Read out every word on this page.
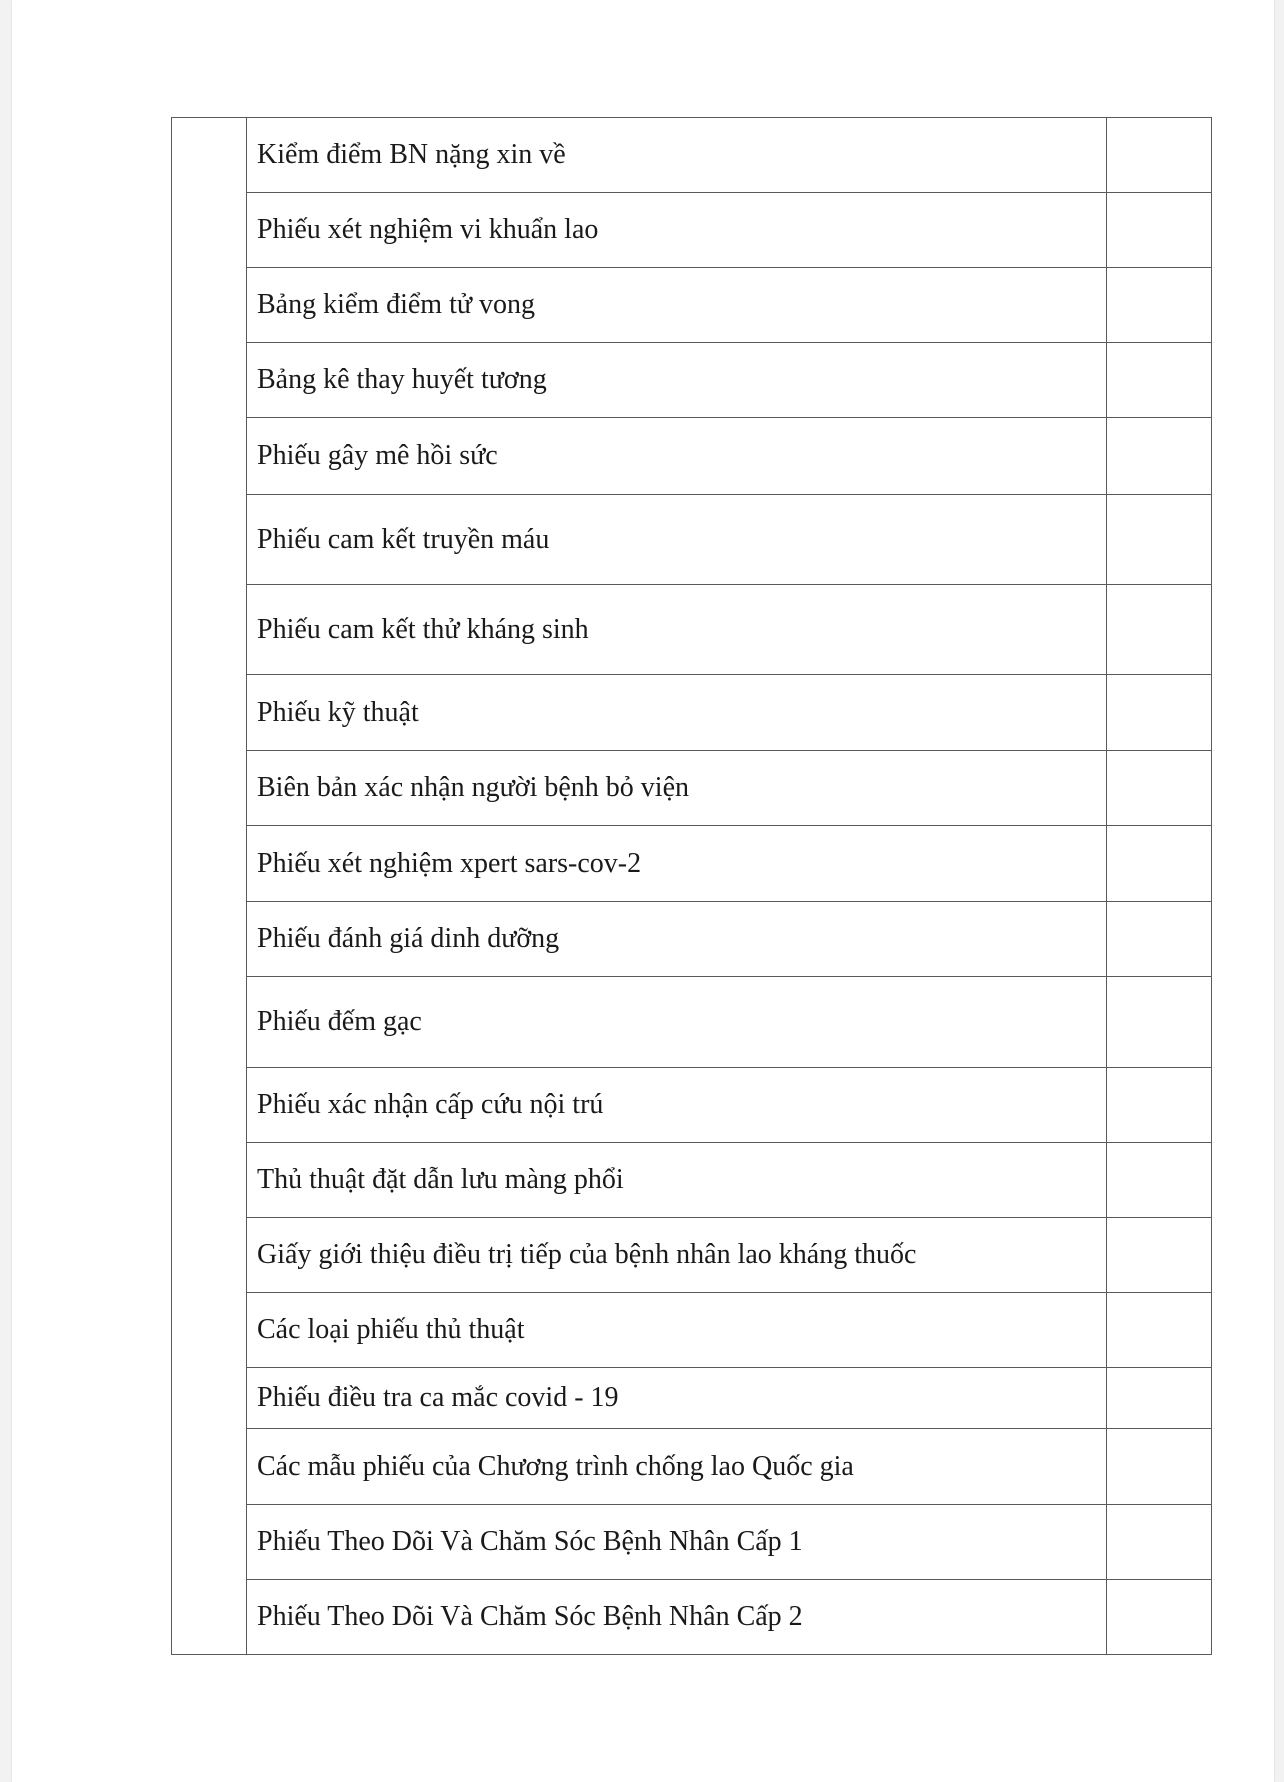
	Kiểm điểm BN nặng xin về	
	Phiếu xét nghiệm vi khuẩn lao	
	Bảng kiểm điểm tử vong	
	Bảng kê thay huyết tương	
	Phiếu gây mê hồi sức	
	Phiếu cam kết truyền máu	
	Phiếu cam kết thử kháng sinh	
	Phiếu kỹ thuật	
	Biên bản xác nhận người bệnh bỏ viện	
	Phiếu xét nghiệm xpert sars-cov-2	
	Phiếu đánh giá dinh dưỡng	
	Phiếu đếm gạc	
	Phiếu xác nhận cấp cứu nội trú	
	Thủ thuật đặt dẫn lưu màng phổi	
	Giấy giới thiệu điều trị tiếp của bệnh nhân lao kháng thuốc	
	Các loại phiếu thủ thuật	
	Phiếu điều tra ca mắc covid - 19	
	Các mẫu phiếu của Chương trình chống lao Quốc gia	
	Phiếu Theo Dõi Và Chăm Sóc Bệnh Nhân Cấp 1	
	Phiếu Theo Dõi Và Chăm Sóc Bệnh Nhân Cấp 2	
